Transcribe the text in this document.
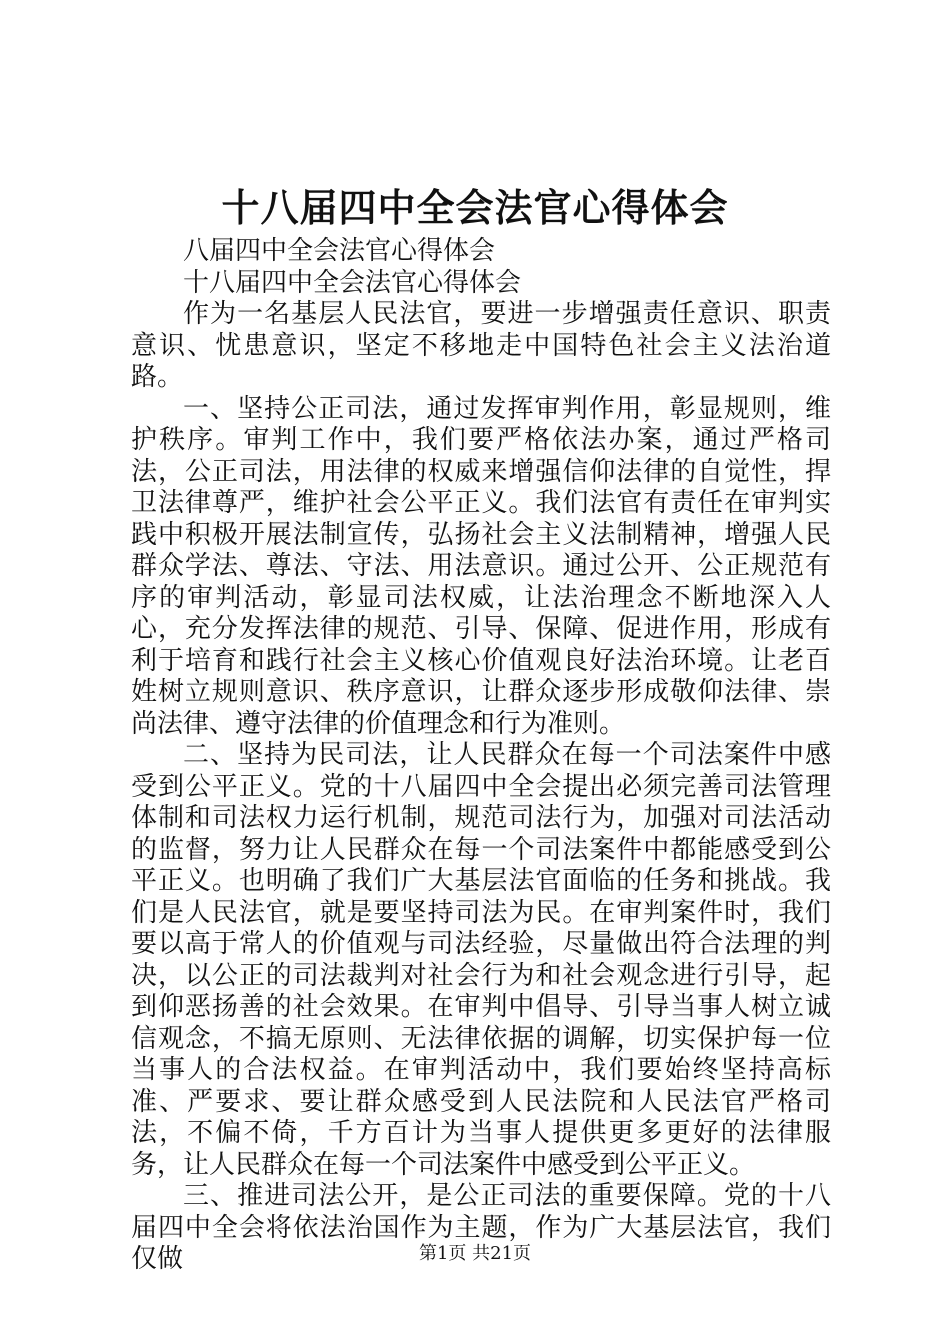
十八届四中全会法官心得体会

八届四中全会法官心得体会

十八届四中全会法官心得体会

作为一名基层人民法官，要进一步增强责任意识、职责意识、忧患意识，坚定不移地走中国特色社会主义法治道路。

一、坚持公正司法，通过发挥审判作用，彰显规则，维护秩序。审判工作中，我们要严格依法办案，通过严格司法，公正司法，用法律的权威来增强信仰法律的自觉性，捍卫法律尊严，维护社会公平正义。我们法官有责任在审判实践中积极开展法制宣传，弘扬社会主义法制精神，增强人民群众学法、尊法、守法、用法意识。通过公开、公正规范有序的审判活动，彰显司法权威，让法治理念不断地深入人心，充分发挥法律的规范、引导、保障、促进作用，形成有利于培育和践行社会主义核心价值观良好法治环境。让老百姓树立规则意识、秩序意识，让群众逐步形成敬仰法律、崇尚法律、遵守法律的价值理念和行为准则。

二、坚持为民司法，让人民群众在每一个司法案件中感受到公平正义。党的十八届四中全会提出必须完善司法管理体制和司法权力运行机制，规范司法行为，加强对司法活动的监督，努力让人民群众在每一个司法案件中都能感受到公平正义。也明确了我们广大基层法官面临的任务和挑战。我们是人民法官，就是要坚持司法为民。在审判案件时，我们要以高于常人的价值观与司法经验，尽量做出符合法理的判决，以公正的司法裁判对社会行为和社会观念进行引导，起到仰恶扬善的社会效果。在审判中倡导、引导当事人树立诚信观念，不搞无原则、无法律依据的调解，切实保护每一位当事人的合法权益。在审判活动中，我们要始终坚持高标准、严要求、要让群众感受到人民法院和人民法官严格司法，不偏不倚，千方百计为当事人提供更多更好的法律服务，让人民群众在每一个司法案件中感受到公平正义。

三、推进司法公开，是公正司法的重要保障。党的十八届四中全会将依法治国作为主题，作为广大基层法官，我们仅做	第1页 共21页
